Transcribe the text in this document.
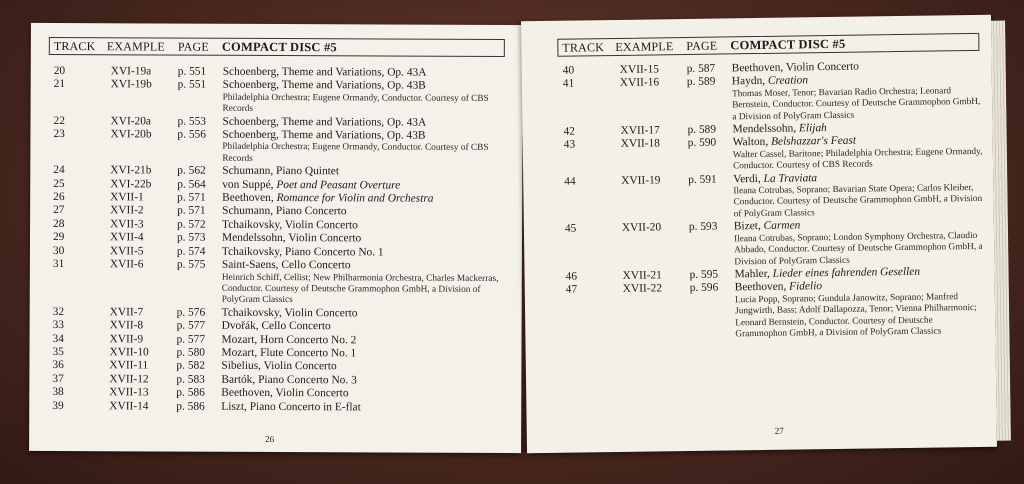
TRACK EXAMPLE PAGE COMPACT DISC #5
20	XVI-19a	p. 551	Schoenberg, Theme and Variations, Op. 43A
21	XVI-19b	p. 551	Schoenberg, Theme and Variations, Op. 43B
Philadelphia Orchestra; Eugene Ormandy, Conductor. Courtesy of CBS Records
22	XVI-20a	p. 553	Schoenberg, Theme and Variations, Op. 43A
23	XVI-20b	p. 556	Schoenberg, Theme and Variations, Op. 43B
Philadelphia Orchestra; Eugene Ormandy, Conductor. Courtesy of CBS Records
24	XVI-21b	p. 562	Schumann, Piano Quintet
25	XVI-22b	p. 564	von Suppé, Poet and Peasant Overture
26	XVII-1	p. 571	Beethoven, Romance for Violin and Orchestra
27	XVII-2	p. 571	Schumann, Piano Concerto
28	XVII-3	p. 572	Tchaikovsky, Violin Concerto
29	XVII-4	p. 573	Mendelssohn, Violin Concerto
30	XVII-5	p. 574	Tchaikovsky, Piano Concerto No. 1
31	XVII-6	p. 575	Saint-Saens, Cello Concerto
Heinrich Schiff, Cellist; New Philharmonia Orchestra, Charles Mackerras, Conductor. Courtesy of Deutsche Grammophon GmbH, a Division of PolyGram Classics
32	XVII-7	p. 576	Tchaikovsky, Violin Concerto
33	XVII-8	p. 577	Dvořák, Cello Concerto
34	XVII-9	p. 577	Mozart, Horn Concerto No. 2
35	XVII-10	p. 580	Mozart, Flute Concerto No. 1
36	XVII-11	p. 582	Sibelius, Violin Concerto
37	XVII-12	p. 583	Bartók, Piano Concerto No. 3
38	XVII-13	p. 586	Beethoven, Violin Concerto
39	XVII-14	p. 586	Liszt, Piano Concerto in E-flat
26
TRACK EXAMPLE PAGE COMPACT DISC #5
40	XVII-15	p. 587	Beethoven, Violin Concerto
41	XVII-16	p. 589	Haydn, Creation
Thomas Moser, Tenor; Bavarian Radio Orchestra; Leonard Bernstein, Conductor. Courtesy of Deutsche Grammophon GmbH, a Division of PolyGram Classics
42	XVII-17	p. 589	Mendelssohn, Elijah
43	XVII-18	p. 590	Walton, Belshazzar's Feast
Walter Cassel, Baritone; Philadelphia Orchestra; Eugene Ormandy, Conductor. Courtesy of CBS Records
44	XVII-19	p. 591	Verdi, La Traviata
Ileana Cotrubas, Soprano; Bavarian State Opera; Carlos Kleiber, Conductor. Courtesy of Deutsche Grammophon GmbH, a Division of PolyGram Classics
45	XVII-20	p. 593	Bizet, Carmen
Ileana Cotrubas, Soprano; London Symphony Orchestra, Claudio Abbado, Conductor. Courtesy of Deutsche Grammophon GmbH, a Division of PolyGram Classics
46	XVII-21	p. 595	Mahler, Lieder eines fahrenden Gesellen
47	XVII-22	p. 596	Beethoven, Fidelio
Lucia Popp, Soprano; Gundula Janowitz, Soprano; Manfred Jungwirth, Bass; Adolf Dallapozza, Tenor; Vienna Philharmonic; Leonard Bernstein, Conductor. Courtesy of Deutsche Grammophon GmbH, a Division of PolyGram Classics
27
